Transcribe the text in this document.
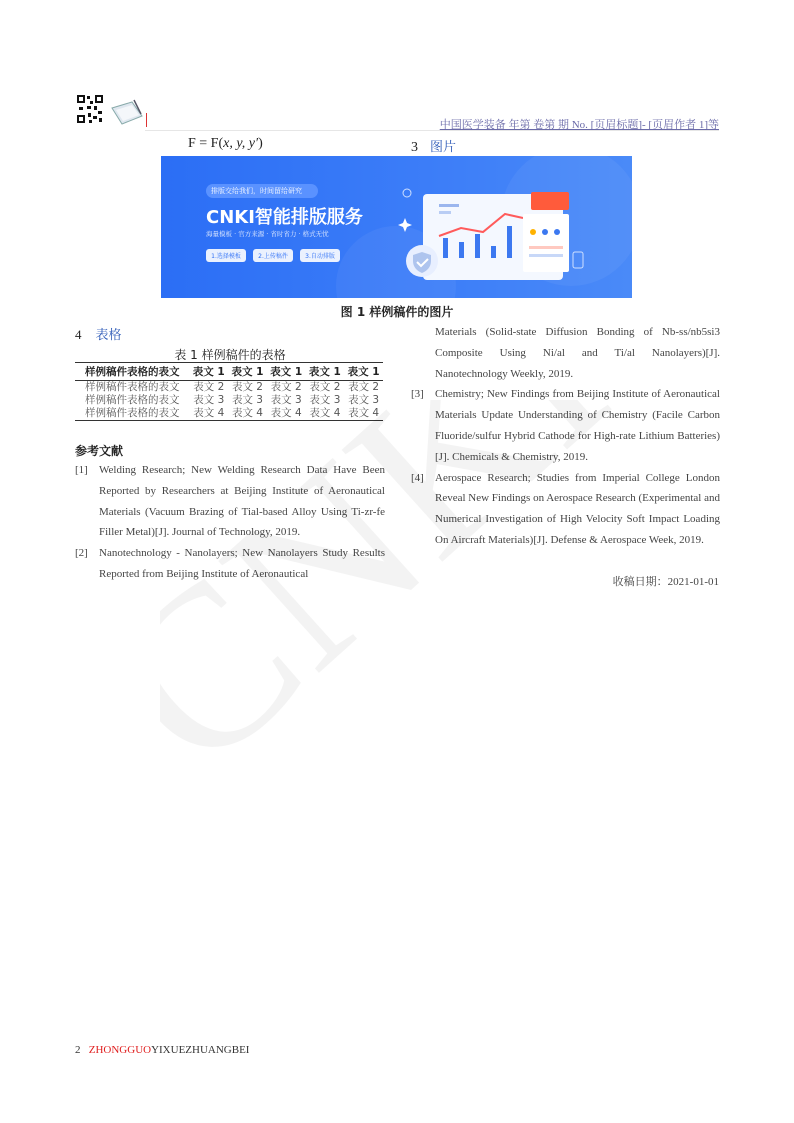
中国医学装备 年第 卷第 期 No. [页眉标题]- [页眉作者 1]等
F = F(x, y, y′)	3 图片
排版交给我们，时间留给研究
CNKI智能排版服务
海量模板 · 官方来源 · 省时省力 · 格式无忧
1.选择模板	2.上传稿件	3.自动排版
图 1 样例稿件的图片
4 表格
表 1 样例稿件的表格
样例稿件表格的表文	表文 1	表文 1	表文 1	表文 1	表文 1
样例稿件表格的表文	表文 2	表文 2	表文 2	表文 2	表文 2
样例稿件表格的表文	表文 3	表文 3	表文 3	表文 3	表文 3
样例稿件表格的表文	表文 4	表文 4	表文 4	表文 4	表文 4
参考文献
[1] Welding Research; New Welding Research Data Have Been Reported by Researchers at Beijing Institute of Aeronautical Materials (Vacuum Brazing of Tial-based Alloy Using Ti-zr-fe Filler Metal)[J]. Journal of Technology, 2019.
[2] Nanotechnology - Nanolayers; New Nanolayers Study Results Reported from Beijing Institute of Aeronautical
Materials (Solid-state Diffusion Bonding of Nb-ss/nb5si3 Composite Using Ni/al and Ti/al Nanolayers)[J]. Nanotechnology Weekly, 2019.
[3] Chemistry; New Findings from Beijing Institute of Aeronautical Materials Update Understanding of Chemistry (Facile Carbon Fluoride/sulfur Hybrid Cathode for High-rate Lithium Batteries)[J]. Chemicals & Chemistry, 2019.
[4] Aerospace Research; Studies from Imperial College London Reveal New Findings on Aerospace Research (Experimental and Numerical Investigation of High Velocity Soft Impact Loading On Aircraft Materials)[J]. Defense & Aerospace Week, 2019.
收稿日期：2021-01-01
2 ZHONGGUOYIXUEZHUANGBEI
